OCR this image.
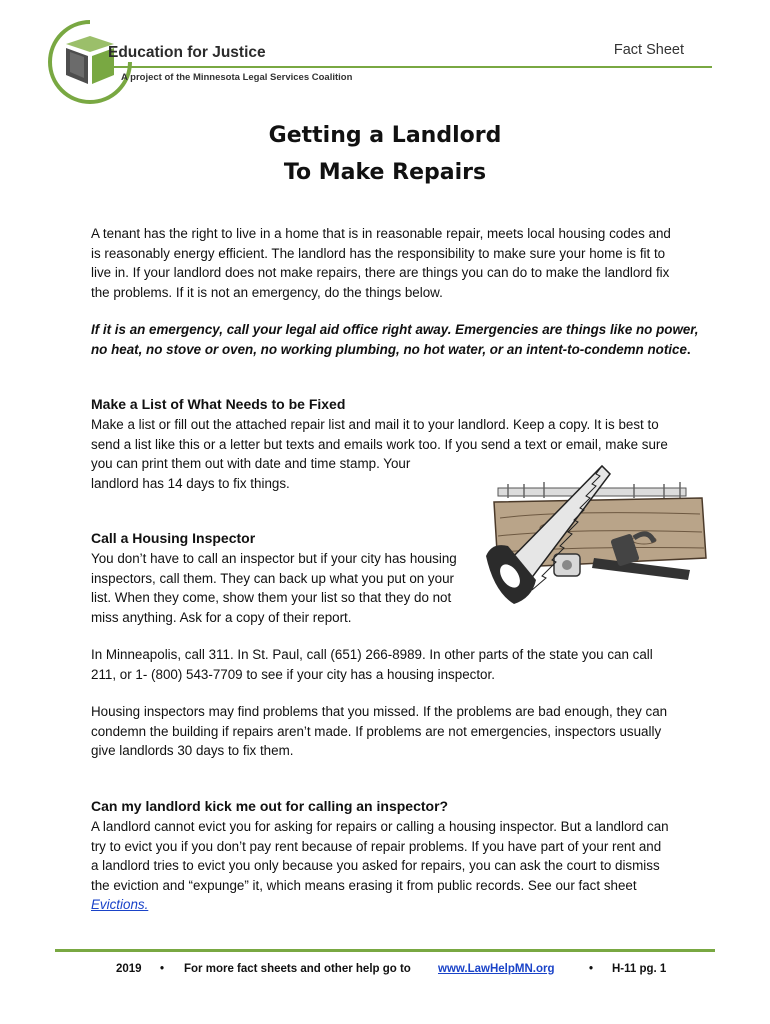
Education for Justice
A project of the Minnesota Legal Services Coalition
Fact Sheet
Getting a Landlord
To Make Repairs
A tenant has the right to live in a home that is in reasonable repair, meets local housing codes and
is reasonably energy efficient. The landlord has the responsibility to make sure your home is fit to
live in. If your landlord does not make repairs, there are things you can do to make the landlord fix
the problems. If it is not an emergency, do the things below.
If it is an emergency, call your legal aid office right away. Emergencies are things like no power,
no heat, no stove or oven, no working plumbing, no hot water, or an intent-to-condemn notice.
Make a List of What Needs to be Fixed
Make a list or fill out the attached repair list and mail it to your landlord. Keep a copy. It is best to
send a list like this or a letter but texts and emails work too. If you send a text or email, make sure
you can print them out with date and time stamp. Your
landlord has 14 days to fix things.
Call a Housing Inspector
You don’t have to call an inspector but if your city has housing
inspectors, call them. They can back up what you put on your
list. When they come, show them your list so that they do not
miss anything. Ask for a copy of their report.
In Minneapolis, call 311. In St. Paul, call (651) 266-8989. In other parts of the state you can call
211, or 1- (800) 543-7709 to see if your city has a housing inspector.
Housing inspectors may find problems that you missed. If the problems are bad enough, they can
condemn the building if repairs aren’t made. If problems are not emergencies, inspectors usually
give landlords 30 days to fix them.
Can my landlord kick me out for calling an inspector?
A landlord cannot evict you for asking for repairs or calling a housing inspector. But a landlord can
try to evict you if you don’t pay rent because of repair problems. If you have part of your rent and
a landlord tries to evict you only because you asked for repairs, you can ask the court to dismiss
the eviction and “expunge” it, which means erasing it from public records. See our fact sheet
Evictions.
2019 • For more fact sheets and other help go to www.LawHelpMN.org	• H-11 pg. 1
